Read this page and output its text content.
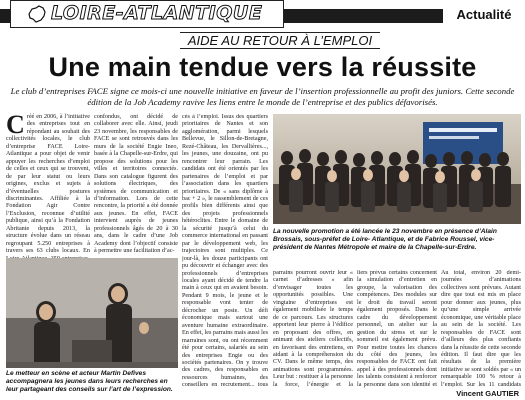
LOIRE-ATLANTIQUE	Actualité
AIDE AU RETOUR À L’EMPLOI
Une main tendue vers la réussite
Le club d’entreprises FACE signe ce mois-ci une nouvelle initiative en faveur de l’insertion professionnelle au profit des juniors. Cette seconde édition de la Job Academy ravive les liens entre le monde de l’entreprise et des publics défavorisés.
C réé en 2006, à l’initiative des entreprises tout en répondant au souhait des collectivités locales, le club d’entreprise FACE Loire-Atlantique a pour objet de venir appuyer les recherches d’emploi de celles et ceux qui se trouvent, de par leur statut ou leurs origines, exclus et sujets à d’éventuelles postures discriminantes. Affiliée à la Fondation Agir Contre l’Exclusion, reconnue d’utilité publique, ainsi qu’à la Fondation Abritante depuis 2013, la structure évolue dans un réseau regroupant 5.250 entreprises à travers ses 63 clubs locaux. En

confondus, ont décidé de collaborer avec elle. Ainsi, jeudi 23 novembre, les responsables de FACE se sont retrouvés dans les murs de la société Engie Ineo, basée à la Chapelle-sur-Erdre, qui propose des solutions pour les villes et territoires connectés. Dans son catalogue figurent des solutions électriques, des systèmes de communication et d’information. Lors de cette rencontre, la priorité a été donnée aux jeunes. En effet, FACE intervient auprès de jeunes professionnels âgés de 20 à 30 ans, dans le cadre d’une Job Academy dont l’objectif consiste à permettre une facilitation d’ac-

cès à l’emploi. Issus des quartiers prioritaires de Nantes et son agglomération, parmi lesquels Bellevue, le Sillon-de-Bretagne, Rezé-Château, les Dervallières..., les jeunes, une douzaine, ont pu rencontrer leur parrain. Les candidats ont été orientés par les partenaires de l’emploi et par l’association dans les quartiers prioritaires. De « sans diplôme à bac + 2 », le rassemblement de ces profils bien différents ainsi que des projets professionnels hétéroclites. Entre le domaine de la sécurité jusqu’à celui du commerce international en passant par le développement web, les trajectoires sont multiples. Ce jour-là, les douze participants ont pu découvrir et échanger avec des professionnels d’entreprises locales ayant décidé de tendre la main à ceux qui en avaient besoin. Pendant 9 mois, le jeune et le responsable vont tenter de décrocher un poste. Un défi économique mais surtout une aventure humaine extraordinaire. En effet, les parrains mais aussi les marraines sont, ou ont récemment été pour certains, salariés au sein des entreprises Engie ou des sociétés partenaires. On y trouve des cadres, des responsables en ressources humaines, des conseillers en recrutement... tous

La nouvelle promotion a été lancée le 23 novembre en présence d’Alain Brossais, sous-préfet de Loire- Atlantique, et de Fabrice Roussel, vice-président de Nantes Métropole et maire de la Chapelle-sur-Erdre.
Le metteur en scène et acteur Martin Defives accompagnera les jeunes dans leurs recherches en leur partageant des conseils sur l’art de l’expression.

parrains pourront ouvrir leur « carnet d’adresses » afin d’envisager toutes les opportunités possibles. Une vingtaine d’entreprises est également mobilisée le temps de ce parcours. Les structures apportent leur pierre à l’édifice en proposant des offres, en animant des ateliers collectifs, en favorisant des entretiens, en aidant à la compréhension du CV. Dans le même temps, des animations sont programmées. Leur but : restituer à la personne la force, l’énergie et la

liers prévus certains concernent la simulation d’entretien en groupe, la valorisation des compétences. Des modules sur le droit du travail seront également proposés. Dans le cadre du développement personnel, un atelier sur la gestion du stress et sur le sommeil est également prévu. Pour mettre toutes les chances du côté des jeunes, les responsables de FACE ont fait appel à des professionnels dont les talents consistent à renforcer la personne dans son identité et

Au total, environ 20 demi-journées d’animations collectives sont prévues. Autant dire que tout est mis en place pour donner aux jeunes, plus qu’une simple arrivée économique, une véritable place au sein de la société. Les responsables de FACE sont d’ailleurs des plus confiants dans la réussite de cette seconde édition. Il faut dire que les résultats de la première initiative se sont soldés par « un remarquable 100 % retour à l’emploi. Sur les 11 candidats

Vincent GAUTIER
